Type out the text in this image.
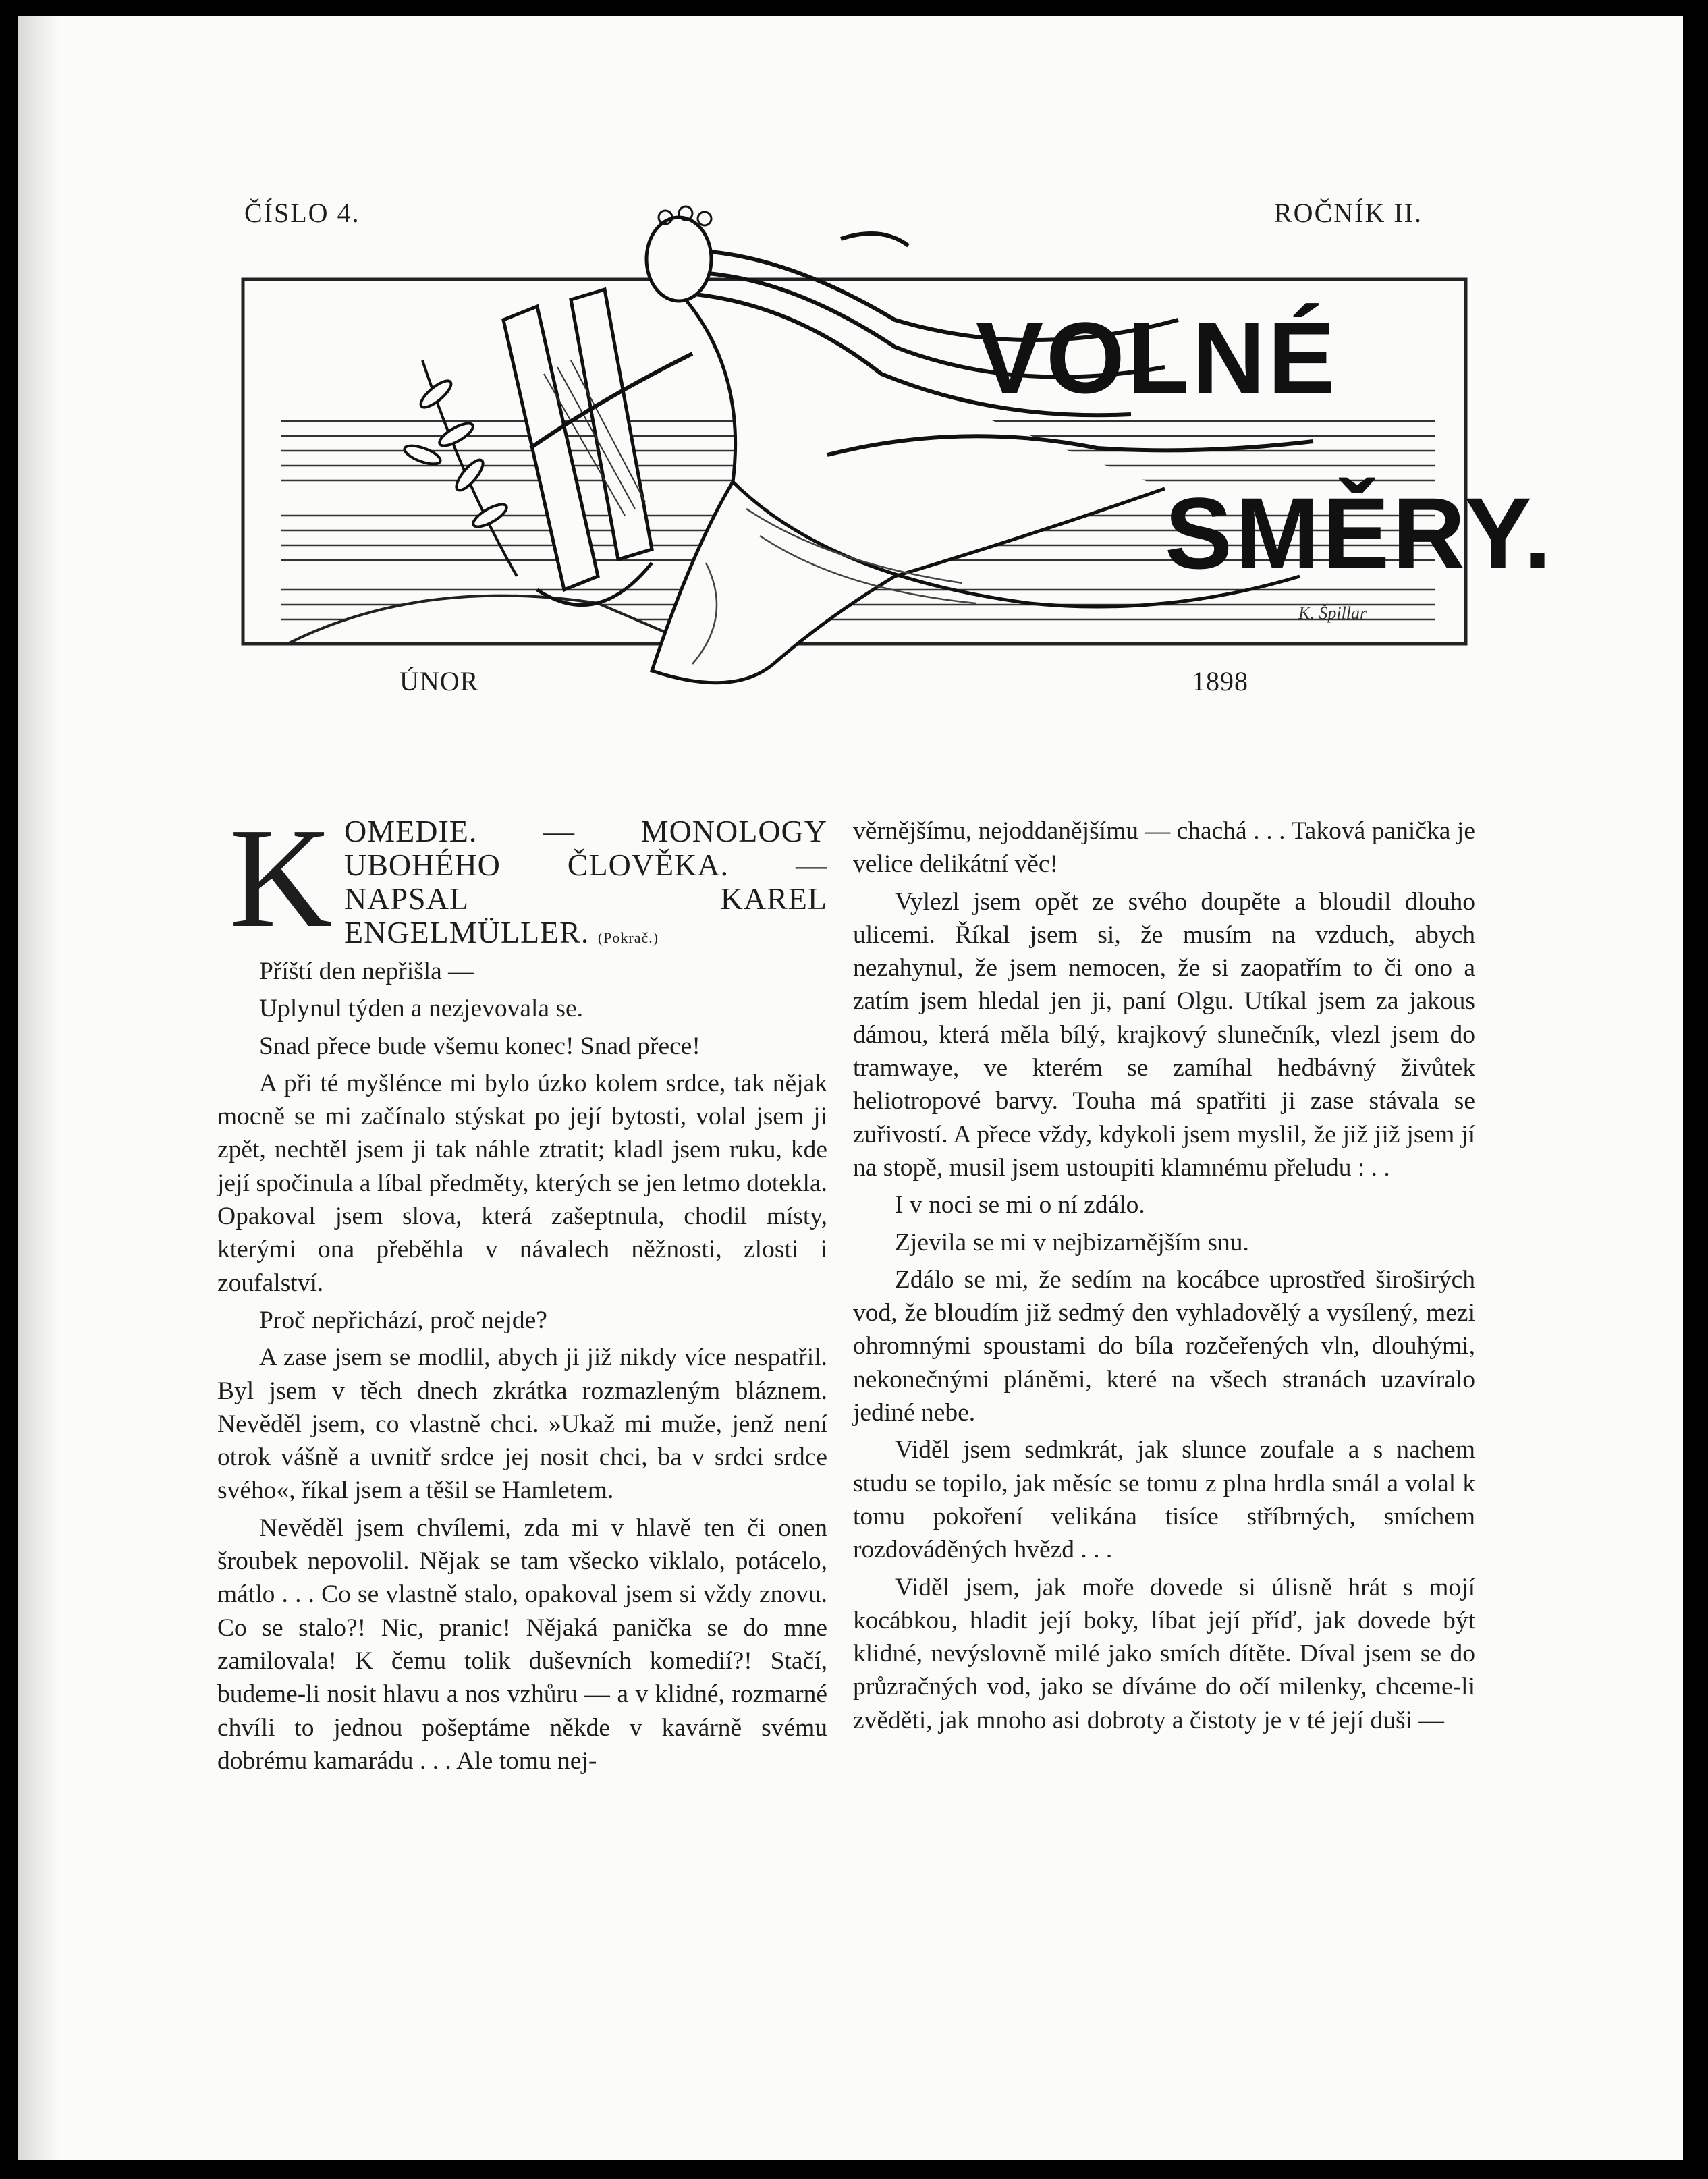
ČÍSLO 4.	ROČNÍK II.
VOLNÉ
SMĚRY.
K. Špillar
ÚNOR	1898
K OMEDIE. — MONOLOGY UBOHÉHO ČLOVĚKA. — NAPSAL KAREL ENGELMÜLLER. (Pokrač.)

Příští den nepřišla —

Uplynul týden a nezjevovala se.

Snad přece bude všemu konec! Snad přece!

A při té myšlénce mi bylo úzko kolem srdce, tak nějak mocně se mi začínalo stýskat po její bytosti, volal jsem ji zpět, nechtěl jsem ji tak náhle ztratit; kladl jsem ruku, kde její spočinula a líbal předměty, kterých se jen letmo dotekla. Opakoval jsem slova, která zašeptnula, chodil místy, kterými ona přeběhla v návalech něžnosti, zlosti i zoufalství.

Proč nepřichází, proč nejde?

A zase jsem se modlil, abych ji již nikdy více nespatřil. Byl jsem v těch dnech zkrátka rozmazleným bláznem. Nevěděl jsem, co vlastně chci. »Ukaž mi muže, jenž není otrok vášně a uvnitř srdce jej nosit chci, ba v srdci srdce svého«, říkal jsem a těšil se Hamletem.

Nevěděl jsem chvílemi, zda mi v hlavě ten či onen šroubek nepovolil. Nějak se tam všecko viklalo, potácelo, mátlo . . . Co se vlastně stalo, opakoval jsem si vždy znovu. Co se stalo?! Nic, pranic! Nějaká panička se do mne zamilovala! K čemu tolik duševních komedií?! Stačí, budeme-li nosit hlavu a nos vzhůru — a v klidné, rozmarné chvíli to jednou pošeptáme někde v kavárně svému dobrému kamarádu . . . Ale tomu nej-

věrnějšímu, nejoddanějšímu — chachá . . . Taková panička je velice delikátní věc!

Vylezl jsem opět ze svého doupěte a bloudil dlouho ulicemi. Říkal jsem si, že musím na vzduch, abych nezahynul, že jsem nemocen, že si zaopatřím to či ono a zatím jsem hledal jen ji, paní Olgu. Utíkal jsem za jakous dámou, která měla bílý, krajkový slunečník, vlezl jsem do tramwaye, ve kterém se zamíhal hedbávný živůtek heliotropové barvy. Touha má spatřiti ji zase stávala se zuřivostí. A přece vždy, kdykoli jsem myslil, že již již jsem jí na stopě, musil jsem ustoupiti klamnému přeludu : . .

I v noci se mi o ní zdálo.

Zjevila se mi v nejbizarnějším snu.

Zdálo se mi, že sedím na kocábce uprostřed široširých vod, že bloudím již sedmý den vyhladovělý a vysílený, mezi ohromnými spoustami do bíla rozčeřených vln, dlouhými, nekonečnými pláněmi, které na všech stranách uzavíralo jediné nebe.

Viděl jsem sedmkrát, jak slunce zoufale a s nachem studu se topilo, jak měsíc se tomu z plna hrdla smál a volal k tomu pokoření velikána tisíce stříbrných, smíchem rozdováděných hvězd . . .

Viděl jsem, jak moře dovede si úlisně hrát s mojí kocábkou, hladit její boky, líbat její příď, jak dovede být klidné, nevýslovně milé jako smích dítěte. Díval jsem se do průzračných vod, jako se díváme do očí milenky, chceme-li zvěděti, jak mnoho asi dobroty a čistoty je v té její duši —
